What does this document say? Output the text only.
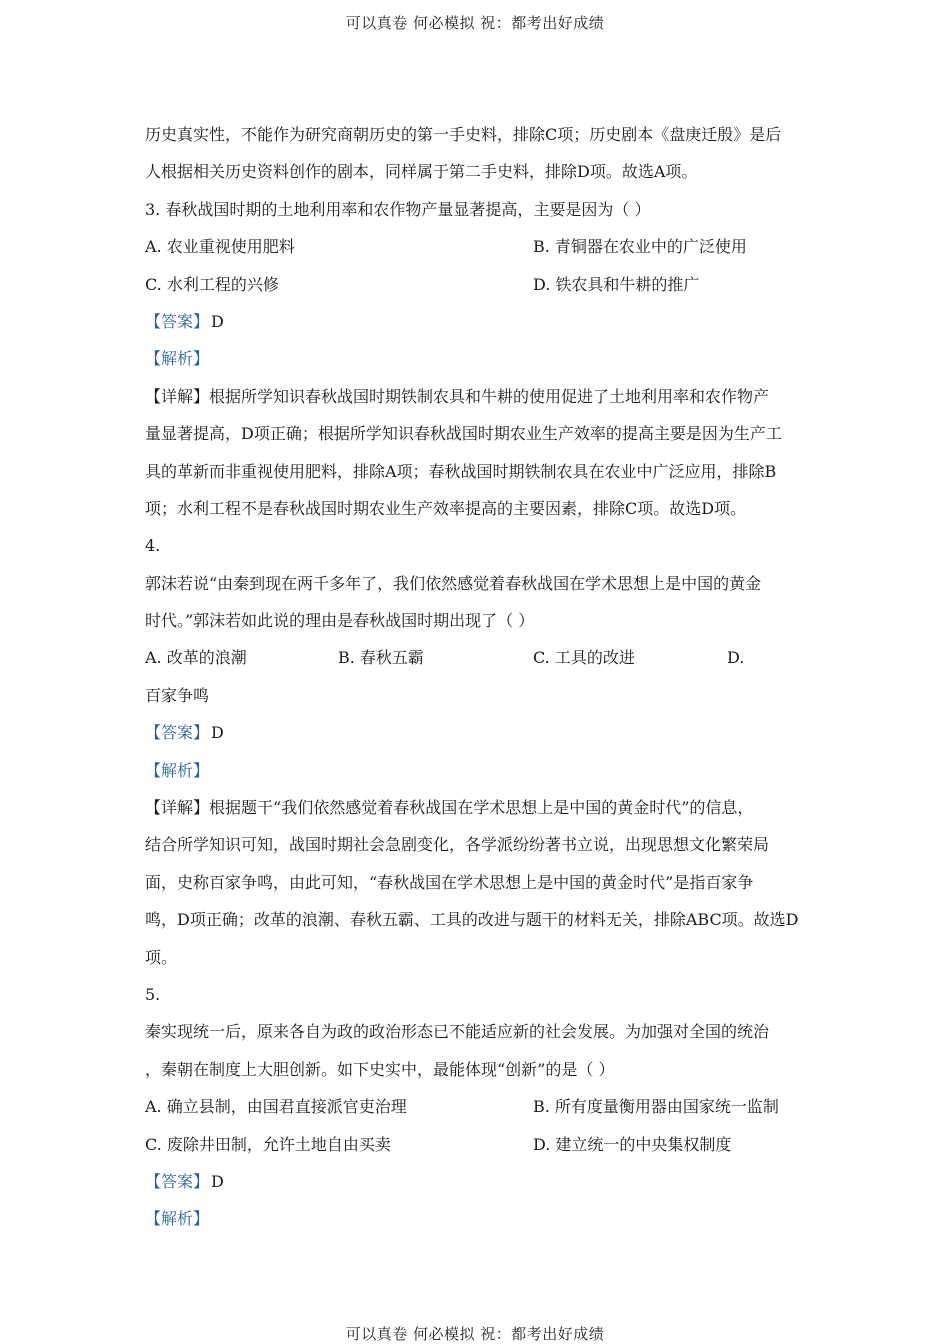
可以真卷 何必模拟 祝：都考出好成绩
历史真实性，不能作为研究商朝历史的第一手史料，排除C项；历史剧本《盘庚迁殷》是后
人根据相关历史资料创作的剧本，同样属于第二手史料，排除D项。故选A项。
3. 春秋战国时期的土地利用率和农作物产量显著提高，主要是因为（ ）
A. 农业重视使用肥料	B. 青铜器在农业中的广泛使用
C. 水利工程的兴修	D. 铁农具和牛耕的推广
【答案】 D
【解析】
【详解】根据所学知识春秋战国时期铁制农具和牛耕的使用促进了土地利用率和农作物产
量显著提高，D项正确；根据所学知识春秋战国时期农业生产效率的提高主要是因为生产工
具的革新而非重视使用肥料，排除A项；春秋战国时期铁制农具在农业中广泛应用，排除B
项；水利工程不是春秋战国时期农业生产效率提高的主要因素，排除C项。故选D项。
4.
郭沫若说“由秦到现在两千多年了，我们依然感觉着春秋战国在学术思想上是中国的黄金
时代。”郭沫若如此说的理由是春秋战国时期出现了（ ）
A. 改革的浪潮	B. 春秋五霸	C. 工具的改进	D.
百家争鸣
【答案】 D
【解析】
【详解】根据题干“我们依然感觉着春秋战国在学术思想上是中国的黄金时代”的信息，
结合所学知识可知，战国时期社会急剧变化，各学派纷纷著书立说，出现思想文化繁荣局
面，史称百家争鸣，由此可知，“春秋战国在学术思想上是中国的黄金时代”是指百家争
鸣，D项正确；改革的浪潮、春秋五霸、工具的改进与题干的材料无关，排除ABC项。故选D
项。
5.
秦实现统一后，原来各自为政的政治形态已不能适应新的社会发展。为加强对全国的统治
，秦朝在制度上大胆创新。如下史实中，最能体现“创新”的是（ ）
A. 确立县制，由国君直接派官吏治理	B. 所有度量衡用器由国家统一监制
C. 废除井田制，允许土地自由买卖	D. 建立统一的中央集权制度
【答案】 D
【解析】
可以真卷 何必模拟 祝：都考出好成绩
